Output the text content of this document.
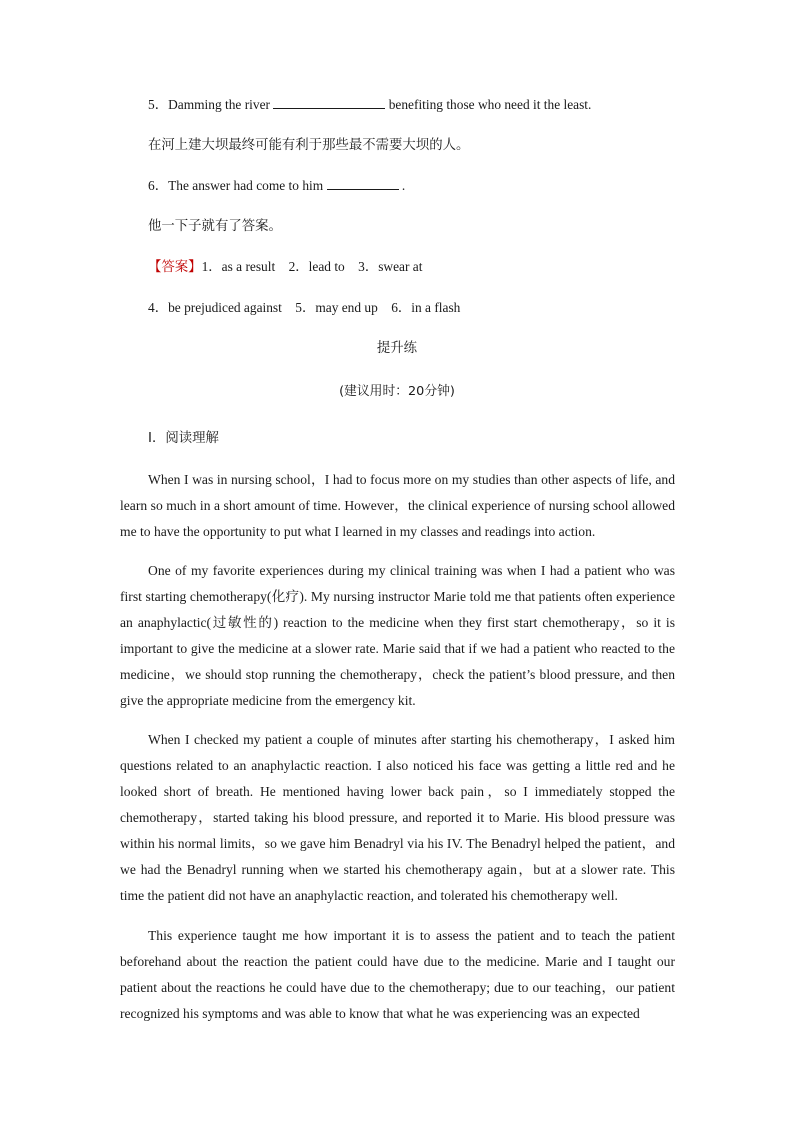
5．Damming the river	benefiting those who need it the least.
在河上建大坝最终可能有利于那些最不需要大坝的人。
6．The answer had come to him	.
他一下子就有了答案。
【答案】1．as a result　2．lead to　3．swear at
4．be prejudiced against　5．may end up　6．in a flash
提升练
(建议用时：20分钟)
Ⅰ．阅读理解

When I was in nursing school，I had to focus more on my studies than other aspects of life, and learn so much in a short amount of time. However，the clinical experience of nursing school allowed me to have the opportunity to put what I learned in my classes and readings into action.

One of my favorite experiences during my clinical training was when I had a patient who was first starting chemotherapy(化疗). My nursing instructor Marie told me that patients often experience an anaphylactic(过敏性的) reaction to the medicine when they first start chemotherapy，so it is important to give the medicine at a slower rate. Marie said that if we had a patient who reacted to the medicine，we should stop running the chemotherapy，check the patient’s blood pressure, and then give the appropriate medicine from the emergency kit.

When I checked my patient a couple of minutes after starting his chemotherapy，I asked him questions related to an anaphylactic reaction. I also noticed his face was getting a little red and he looked short of breath. He mentioned having lower back pain，so I immediately stopped the chemotherapy，started taking his blood pressure, and reported it to Marie. His blood pressure was within his normal limits，so we gave him Benadryl via his IV. The Benadryl helped the patient，and we had the Benadryl running when we started his chemotherapy again，but at a slower rate. This time the patient did not have an anaphylactic reaction, and tolerated his chemotherapy well.

This experience taught me how important it is to assess the patient and to teach the patient beforehand about the reaction the patient could have due to the medicine. Marie and I taught our patient about the reactions he could have due to the chemotherapy; due to our teaching，our patient recognized his symptoms and was able to know that what he was experiencing was an expected
